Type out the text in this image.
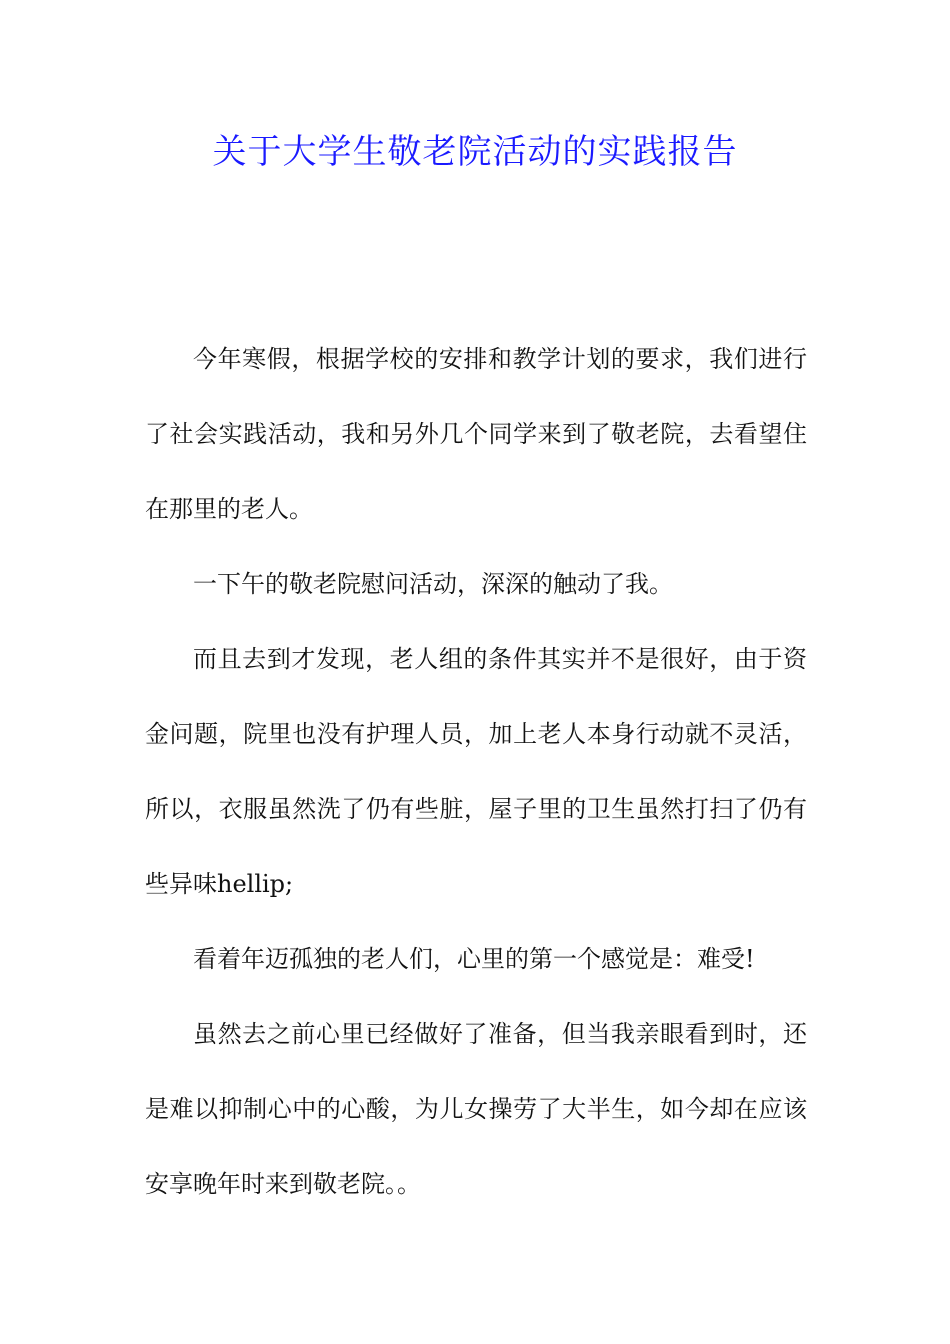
关于大学生敬老院活动的实践报告

今年寒假，根据学校的安排和教学计划的要求，我们进行了社会实践活动，我和另外几个同学来到了敬老院，去看望住在那里的老人。

一下午的敬老院慰问活动，深深的触动了我。

而且去到才发现，老人组的条件其实并不是很好，由于资金问题，院里也没有护理人员，加上老人本身行动就不灵活，所以，衣服虽然洗了仍有些脏，屋子里的卫生虽然打扫了仍有些异味hellip;

看着年迈孤独的老人们，心里的第一个感觉是：难受!

虽然去之前心里已经做好了准备，但当我亲眼看到时，还是难以抑制心中的心酸，为儿女操劳了大半生，如今却在应该安享晚年时来到敬老院。。
